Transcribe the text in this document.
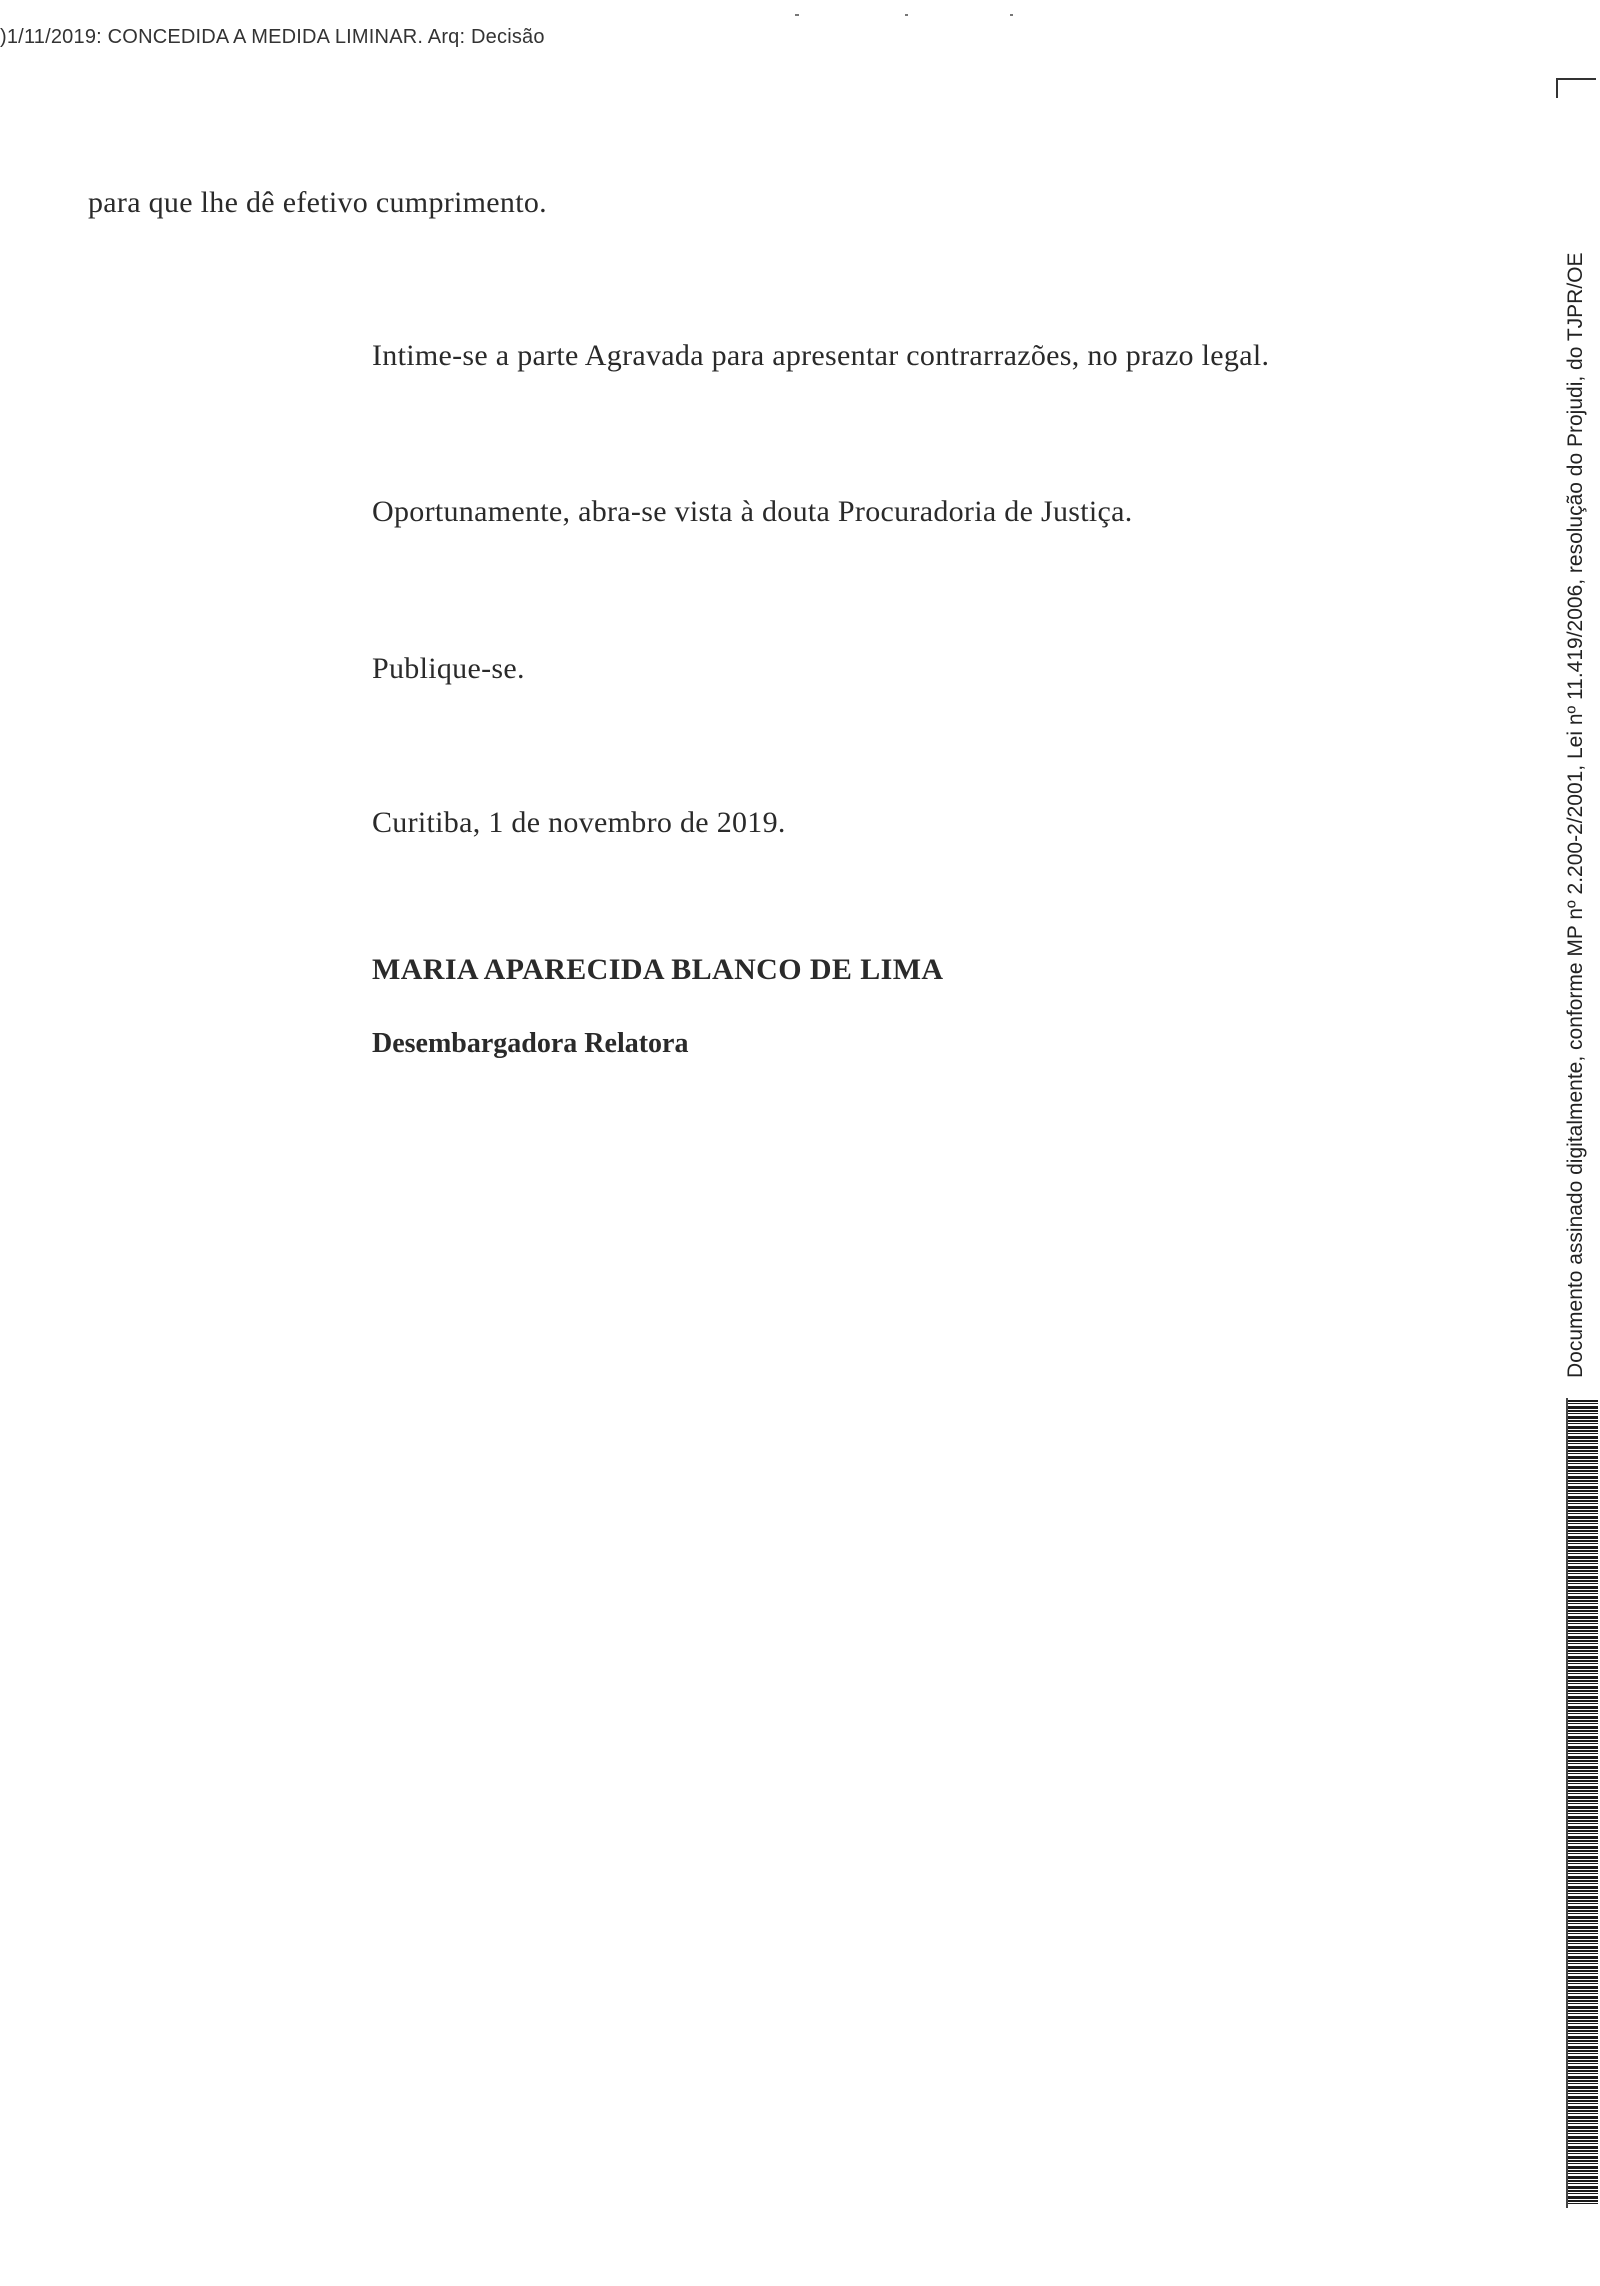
)1/11/2019: CONCEDIDA A MEDIDA LIMINAR. Arq: Decisão
para que lhe dê efetivo cumprimento.
Intime-se a parte Agravada para apresentar contrarrazões, no prazo legal.
Oportunamente, abra-se vista à douta Procuradoria de Justiça.
Publique-se.
Curitiba, 1 de novembro de 2019.
MARIA APARECIDA BLANCO DE LIMA
Desembargadora Relatora	Documento assinado digitalmente, conforme MP nº 2.200-2/2001, Lei nº 11.419/2006, resolução do Projudi, do TJPR/OE
